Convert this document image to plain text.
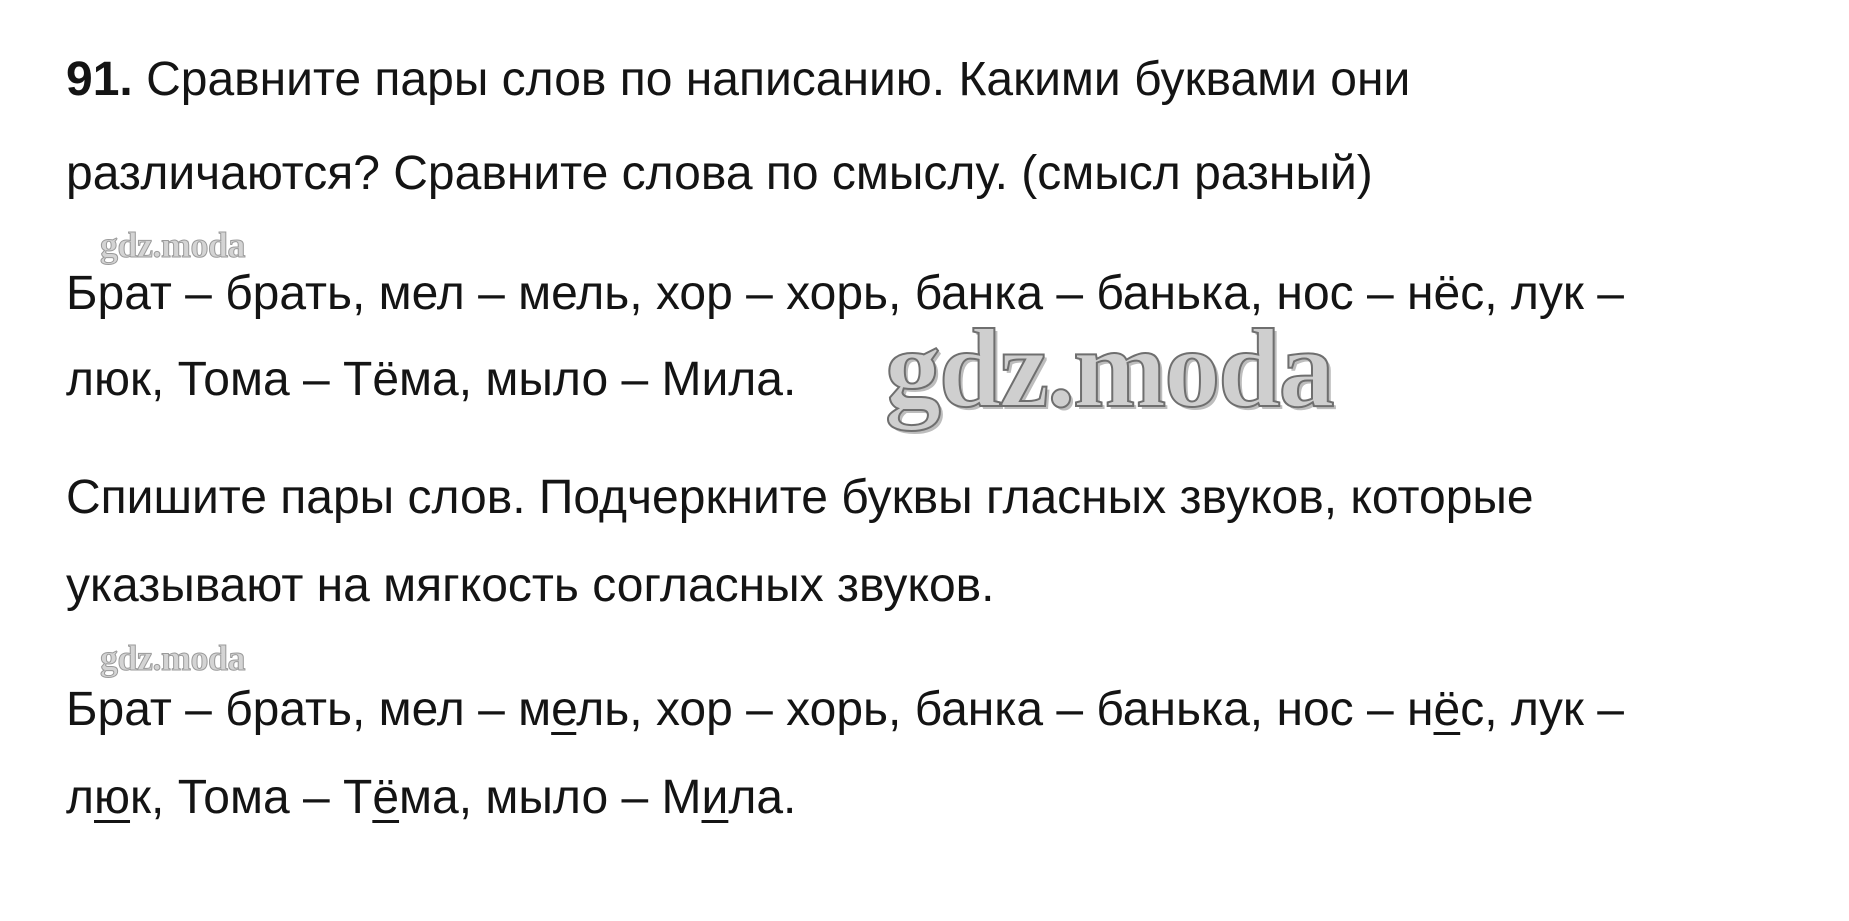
91. Сравните пары слов по написанию. Какими буквами они
различаются? Сравните слова по смыслу. (смысл разный)
gdz.moda
Брат – брать, мел – мель, хор – хорь, банка – банька, нос – нёс, лук –
люк, Тома – Тёма, мыло – Мила. gdz.moda
Спишите пары слов. Подчеркните буквы гласных звуков, которые
указывают на мягкость согласных звуков.
gdz.moda
Брат – брать, мел – мель, хор – хорь, банка – банька, нос – нёс, лук –
люк, Тома – Тёма, мыло – Мила.
